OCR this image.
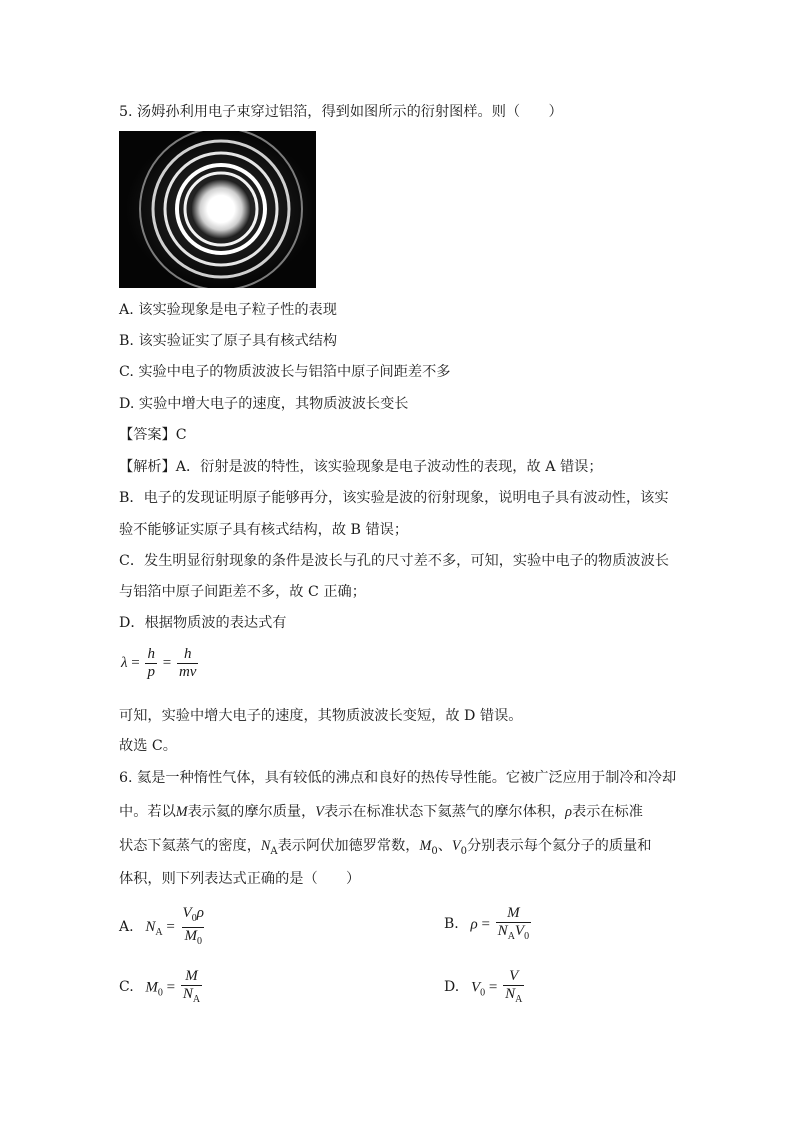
5. 汤姆孙利用电子束穿过铝箔，得到如图所示的衍射图样。则（　　）
A. 该实验现象是电子粒子性的表现
B. 该实验证实了原子具有核式结构
C. 实验中电子的物质波波长与铝箔中原子间距差不多
D. 实验中增大电子的速度，其物质波波长变长
【答案】C
【解析】A．衍射是波的特性，该实验现象是电子波动性的表现，故 A 错误；
B．电子的发现证明原子能够再分，该实验是波的衍射现象，说明电子具有波动性，该实
验不能够证实原子具有核式结构，故 B 错误；
C．发生明显衍射现象的条件是波长与孔的尺寸差不多，可知，实验中电子的物质波波长
与铝箔中原子间距差不多，故 C 正确；
D．根据物质波的表达式有
$\lambda = \frac{h}{p} = \frac{h}{mv}$
可知，实验中增大电子的速度，其物质波波长变短，故 D 错误。
故选 C。
6. 氦是一种惰性气体，具有较低的沸点和良好的热传导性能。它被广泛应用于制冷和冷却
中。若以M表示氦的摩尔质量，V表示在标准状态下氦蒸气的摩尔体积，ρ表示在标准
状态下氦蒸气的密度，$N_A$表示阿伏加德罗常数，$M_0$、$V_0$分别表示每个氦分子的质量和
体积，则下列表达式正确的是（　　）
A. $N_A = \frac{V_0\rho}{M_0}$	B. $\rho = \frac{M}{N_AV_0}$
C. $M_0 = \frac{M}{N_A}$	D. $V_0 = \frac{V}{N_A}$
